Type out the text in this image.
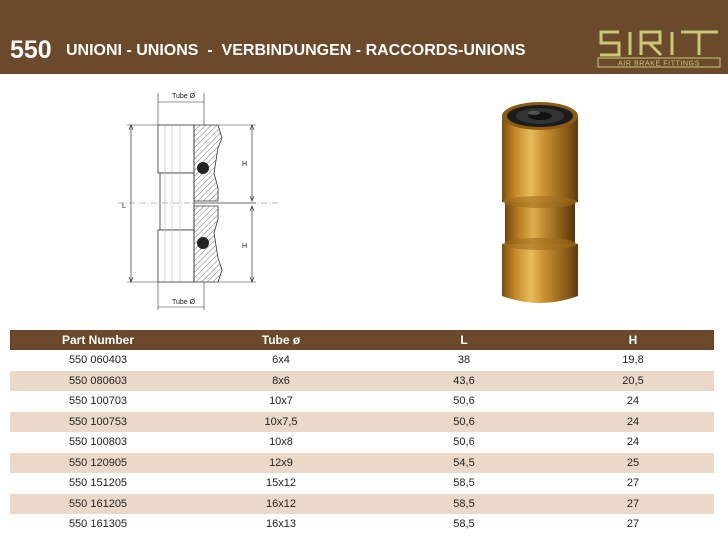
550 UNIONI - UNIONS  -  VERBINDUNGEN - RACCORDS-UNIONS
AIR BRAKE FITTINGS
Tube Ø
Tube Ø
L
H
H
Part Number	Tube ø	L	H
550 060403	6x4	38	19,8
550 080603	8x6	43,6	20,5
550 100703	10x7	50,6	24
550 100753	10x7,5	50,6	24
550 100803	10x8	50,6	24
550 120905	12x9	54,5	25
550 151205	15x12	58,5	27
550 161205	16x12	58,5	27
550 161305	16x13	58,5	27
